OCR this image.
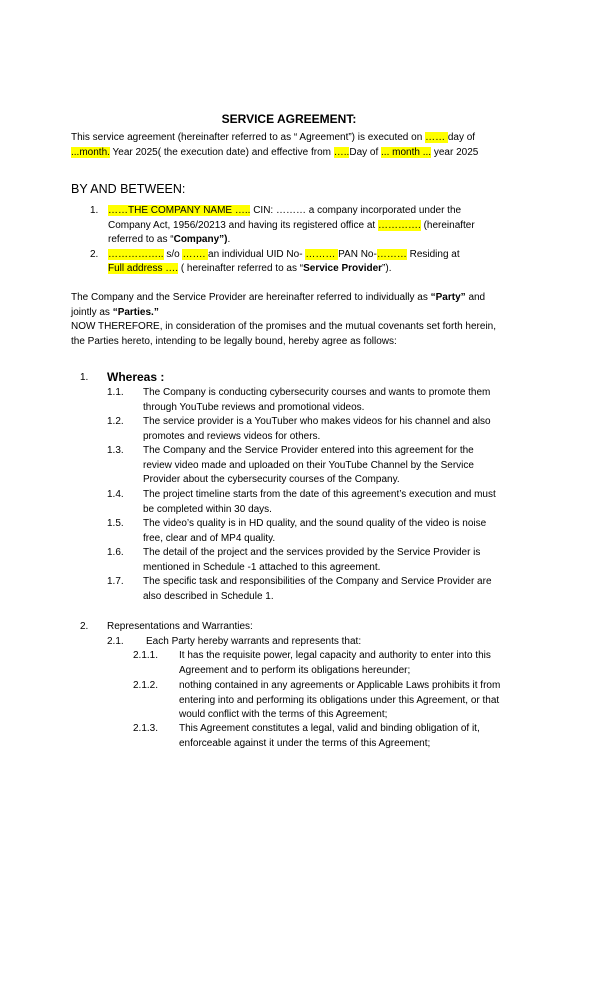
SERVICE AGREEMENT:
This service agreement (hereinafter referred to as “ Agreement”) is executed on …… day of
...month. Year 2025( the execution date) and effective from …..Day of ... month ... year 2025
BY AND BETWEEN:
1. ……THE COMPANY NAME ….. CIN: ……… a company incorporated under the
Company Act, 1956/20213 and having its registered office at …………. (hereinafter
referred to as “Company”).
2. …………….. s/o ……. an individual UID No- ……… PAN No-……… Residing at
Full address …. ( hereinafter referred to as “Service Provider”).
The Company and the Service Provider are hereinafter referred to individually as “Party” and
jointly as “Parties.”
NOW THEREFORE, in consideration of the promises and the mutual covenants set forth herein,
the Parties hereto, intending to be legally bound, hereby agree as follows:
1. Whereas :
1.1. The Company is conducting cybersecurity courses and wants to promote them
through YouTube reviews and promotional videos.
1.2. The service provider is a YouTuber who makes videos for his channel and also
promotes and reviews videos for others.
1.3. The Company and the Service Provider entered into this agreement for the
review video made and uploaded on their YouTube Channel by the Service
Provider about the cybersecurity courses of the Company.
1.4. The project timeline starts from the date of this agreement’s execution and must
be completed within 30 days.
1.5. The video’s quality is in HD quality, and the sound quality of the video is noise
free, clear and of MP4 quality.
1.6. The detail of the project and the services provided by the Service Provider is
mentioned in Schedule -1 attached to this agreement.
1.7. The specific task and responsibilities of the Company and Service Provider are
also described in Schedule 1.
2. Representations and Warranties:
2.1. Each Party hereby warrants and represents that:
2.1.1. It has the requisite power, legal capacity and authority to enter into this
Agreement and to perform its obligations hereunder;
2.1.2. nothing contained in any agreements or Applicable Laws prohibits it from
entering into and performing its obligations under this Agreement, or that
would conflict with the terms of this Agreement;
2.1.3. This Agreement constitutes a legal, valid and binding obligation of it,
enforceable against it under the terms of this Agreement;
